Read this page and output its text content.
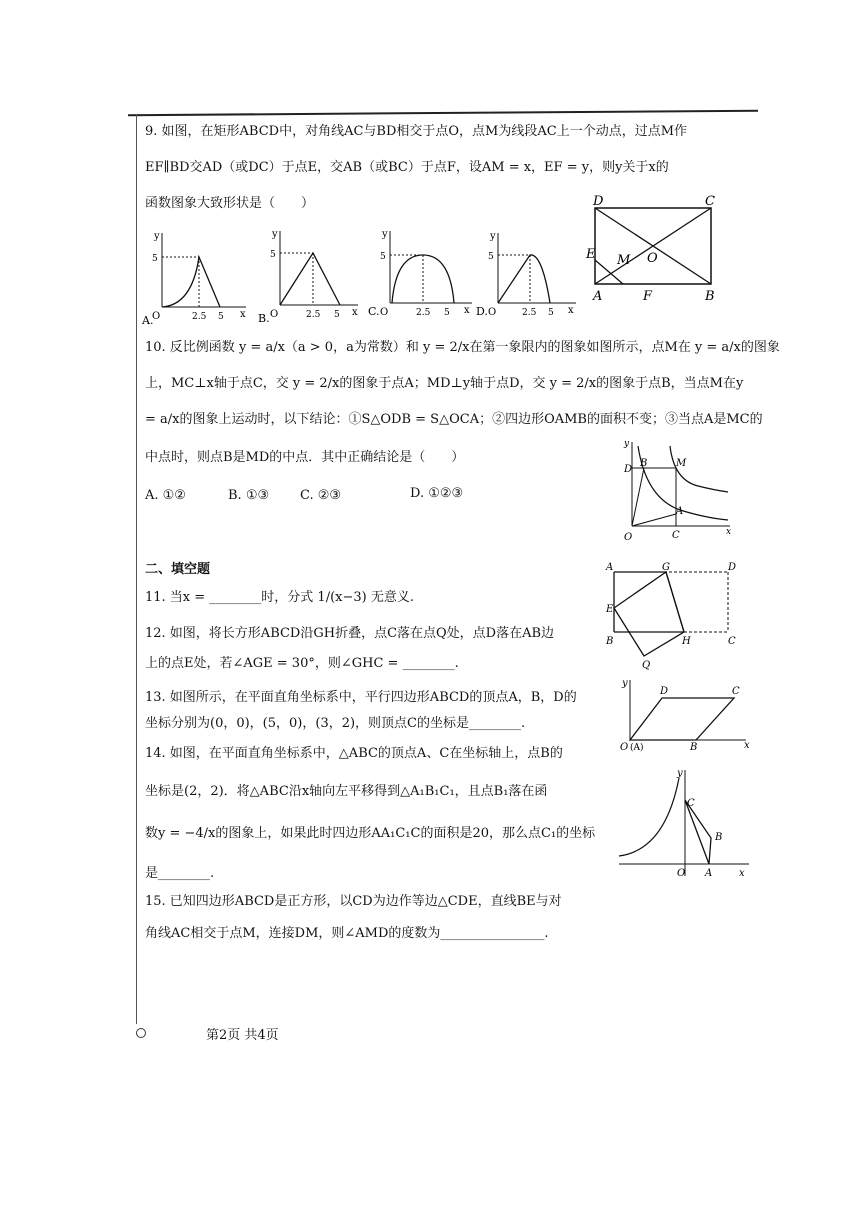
9. 如图，在矩形ABCD中，对角线AC与BD相交于点O，点M为线段AC上一个动点，过点M作
EF∥BD交AD（或DC）于点E，交AB（或BC）于点F，设AM = x，EF = y，则y关于x的
函数图象大致形状是（　　）
y
5
O	2.5 5 x
A.
y
5
O	2.5 5 x
B.
y
5
O	2.5 5 x
C.
y
5
O	2.5 5 x
D.
D	C
E M O
A	F	B
10. 反比例函数 y = a/x（a > 0，a为常数）和 y = 2/x在第一象限内的图象如图所示，点M在 y = a/x的图象
上，MC⊥x轴于点C，交 y = 2/x的图象于点A；MD⊥y轴于点D，交 y = 2/x的图象于点B，当点M在y
= a/x的图象上运动时，以下结论：①S△ODB = S△OCA；②四边形OAMB的面积不变；③当点A是MC的
中点时，则点B是MD的中点．其中正确结论是（　　）
A. ①②	B. ①③ C. ②③	D. ①②③
y
D
B	M
A
C
O	x
二、填空题
11. 当x = ________时，分式 1/(x−3) 无意义.
12. 如图，将长方形ABCD沿GH折叠，点C落在点Q处，点D落在AB边
上的点E处，若∠AGE = 30°，则∠GHC = ________.
A	G	D
E
B	H	C
Q
13. 如图所示，在平面直角坐标系中，平行四边形ABCD的顶点A，B，D的
坐标分别为(0，0)，(5，0)，(3，2)，则顶点C的坐标是________.
y
D	C
O (A)	B	x
14. 如图，在平面直角坐标系中，△ABC的顶点A、C在坐标轴上，点B的
坐标是(2，2)．将△ABC沿x轴向左平移得到△A₁B₁C₁，且点B₁落在函
数y = −4/x的图象上，如果此时四边形AA₁C₁C的面积是20，那么点C₁的坐标
是________.
y
C
B
O A	x
15. 已知四边形ABCD是正方形，以CD为边作等边△CDE，直线BE与对
角线AC相交于点M，连接DM，则∠AMD的度数为________________.
第2页 共4页
